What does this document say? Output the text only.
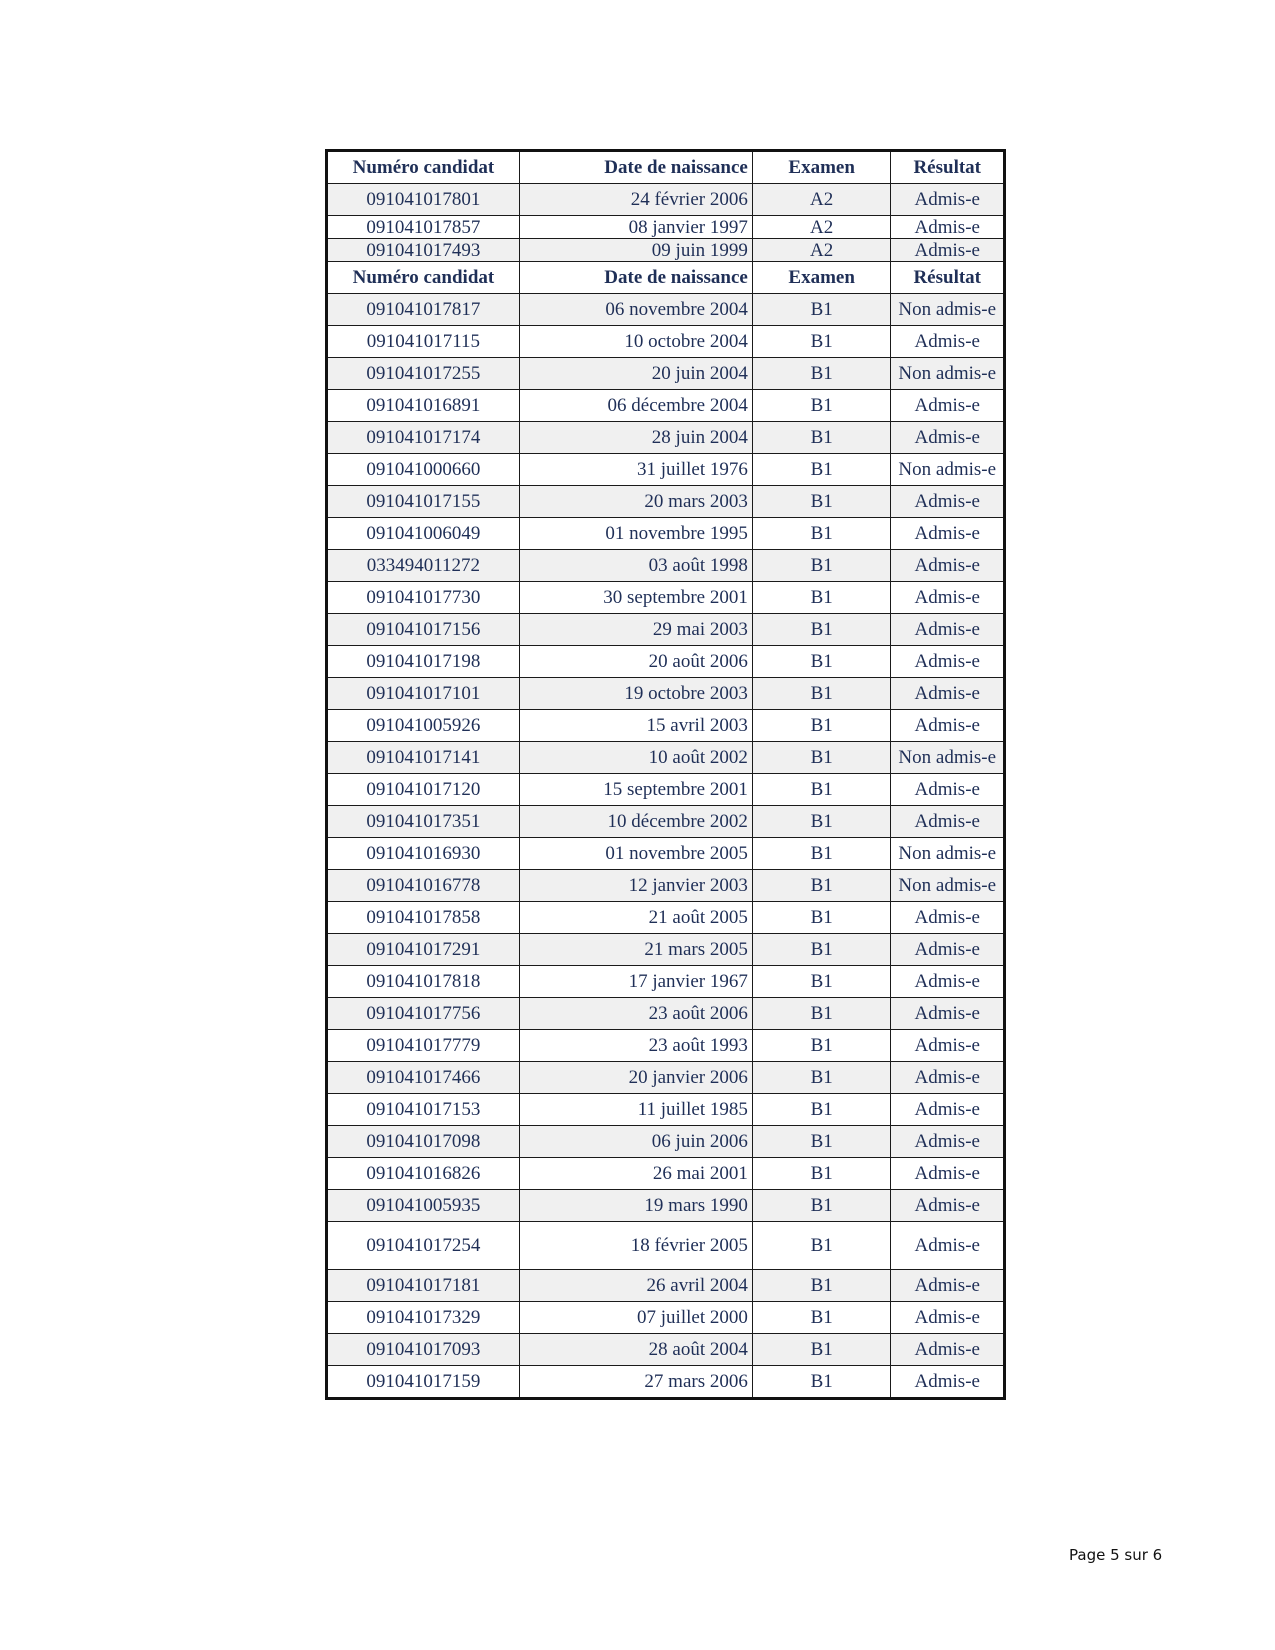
Numéro candidat	Date de naissance	Examen	Résultat
091041017801	24 février 2006	A2	Admis-e
091041017857	08 janvier 1997	A2	Admis-e
091041017493	09 juin 1999	A2	Admis-e
Numéro candidat	Date de naissance	Examen	Résultat
091041017817	06 novembre 2004	B1	Non admis-e
091041017115	10 octobre 2004	B1	Admis-e
091041017255	20 juin 2004	B1	Non admis-e
091041016891	06 décembre 2004	B1	Admis-e
091041017174	28 juin 2004	B1	Admis-e
091041000660	31 juillet 1976	B1	Non admis-e
091041017155	20 mars 2003	B1	Admis-e
091041006049	01 novembre 1995	B1	Admis-e
033494011272	03 août 1998	B1	Admis-e
091041017730	30 septembre 2001	B1	Admis-e
091041017156	29 mai 2003	B1	Admis-e
091041017198	20 août 2006	B1	Admis-e
091041017101	19 octobre 2003	B1	Admis-e
091041005926	15 avril 2003	B1	Admis-e
091041017141	10 août 2002	B1	Non admis-e
091041017120	15 septembre 2001	B1	Admis-e
091041017351	10 décembre 2002	B1	Admis-e
091041016930	01 novembre 2005	B1	Non admis-e
091041016778	12 janvier 2003	B1	Non admis-e
091041017858	21 août 2005	B1	Admis-e
091041017291	21 mars 2005	B1	Admis-e
091041017818	17 janvier 1967	B1	Admis-e
091041017756	23 août 2006	B1	Admis-e
091041017779	23 août 1993	B1	Admis-e
091041017466	20 janvier 2006	B1	Admis-e
091041017153	11 juillet 1985	B1	Admis-e
091041017098	06 juin 2006	B1	Admis-e
091041016826	26 mai 2001	B1	Admis-e
091041005935	19 mars 1990	B1	Admis-e
091041017254	18 février 2005	B1	Admis-e
091041017181	26 avril 2004	B1	Admis-e
091041017329	07 juillet 2000	B1	Admis-e
091041017093	28 août 2004	B1	Admis-e
091041017159	27 mars 2006	B1	Admis-e
Page 5 sur 6
